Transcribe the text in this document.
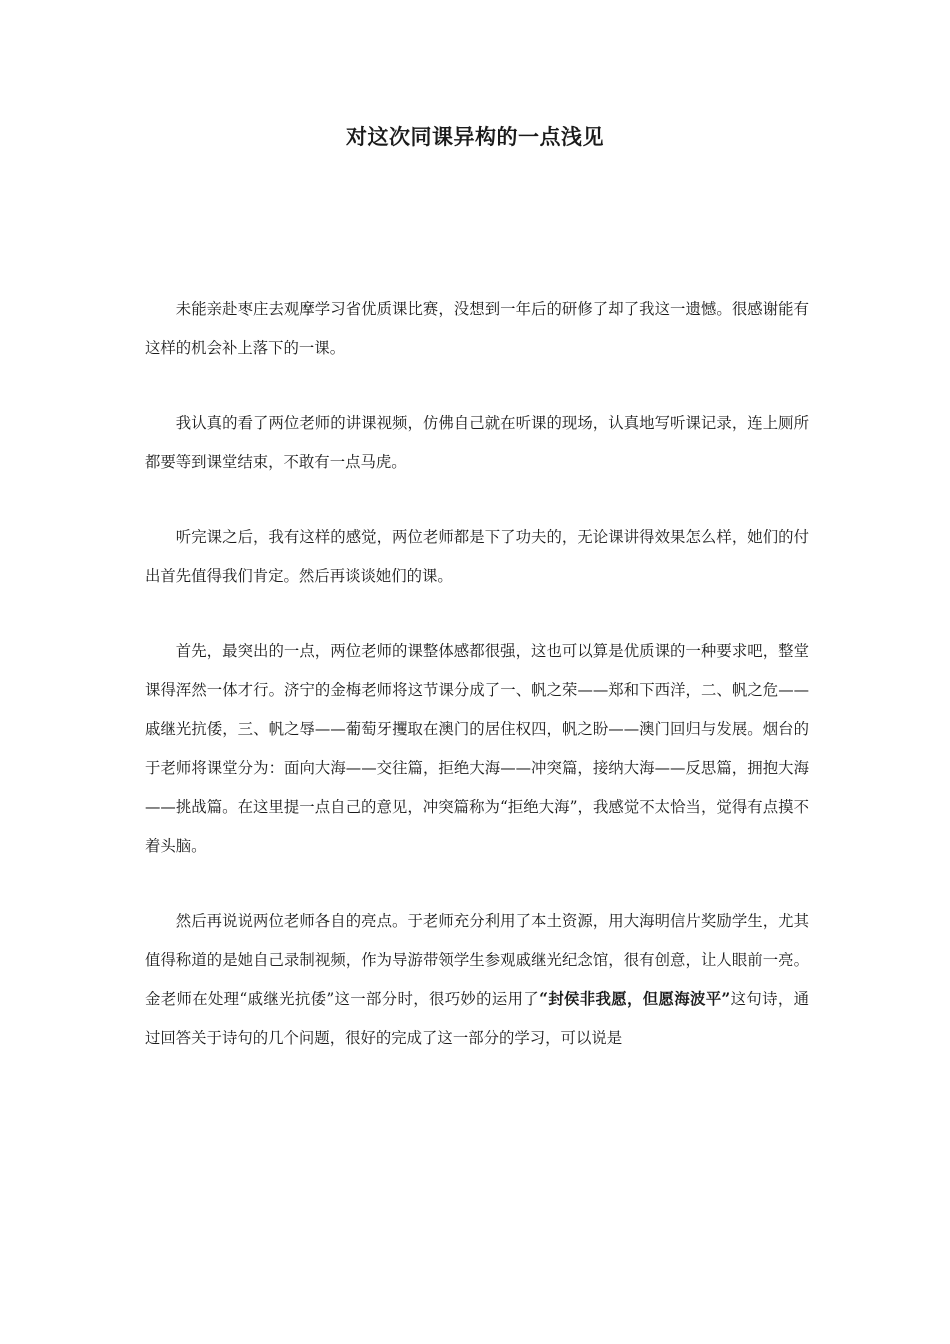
对这次同课异构的一点浅见

未能亲赴枣庄去观摩学习省优质课比赛，没想到一年后的研修了却了我这一遗憾。很感谢能有这样的机会补上落下的一课。

我认真的看了两位老师的讲课视频，仿佛自己就在听课的现场，认真地写听课记录，连上厕所都要等到课堂结束，不敢有一点马虎。

听完课之后，我有这样的感觉，两位老师都是下了功夫的，无论课讲得效果怎么样，她们的付出首先值得我们肯定。然后再谈谈她们的课。

首先，最突出的一点，两位老师的课整体感都很强，这也可以算是优质课的一种要求吧，整堂课得浑然一体才行。济宁的金梅老师将这节课分成了一、帆之荣——郑和下西洋，二、帆之危——戚继光抗倭，三、帆之辱——葡萄牙攫取在澳门的居住权四，帆之盼——澳门回归与发展。烟台的于老师将课堂分为：面向大海——交往篇，拒绝大海——冲突篇，接纳大海——反思篇，拥抱大海——挑战篇。在这里提一点自己的意见，冲突篇称为“拒绝大海”，我感觉不太恰当，觉得有点摸不着头脑。

然后再说说两位老师各自的亮点。于老师充分利用了本土资源，用大海明信片奖励学生，尤其值得称道的是她自己录制视频，作为导游带领学生参观戚继光纪念馆，很有创意，让人眼前一亮。金老师在处理“戚继光抗倭”这一部分时，很巧妙的运用了“封侯非我愿，但愿海波平”这句诗，通过回答关于诗句的几个问题，很好的完成了这一部分的学习，可以说是
